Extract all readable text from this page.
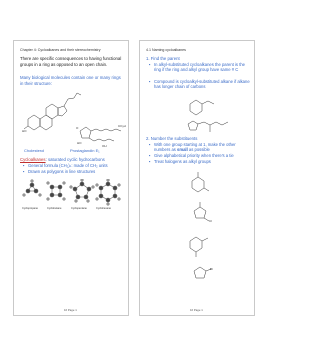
Chapter 4: Cycloalkanes and their stereochemistry
There are specific consequences to having functional groups in a ring as opposed to an open chain.
Many biological molecules contain one or many rings in their structure:
HO
O
HO
CO₂H
OH
Cholesterol	Prostaglandin E₁
Cycloalkanes: saturated cyclic hydrocarbons
▪ General formula (CH₂)ₙ: made of CH₂ units
▪ Drawn as polygons in line structures
Cyclopropane	Cyclobutane	Cyclopentane	Cyclohexane
16 Page 1
4.1 Naming cycloalkanes
1. Find the parent
▪ In alkyl-substituted cycloalkanes the parent is the ring if the ring and alkyl group have same # C
▪ Compound is cycloalkyl-substituted alkane if alkane has longer chain of carbons
2. Number the substituents
▪ With one group starting at 1, make the other numbers as small as possible
▪ Give alphabetical priority when there's a tie
▪ Treat halogens as alkyl groups
Cl
Br
16 Page 1
